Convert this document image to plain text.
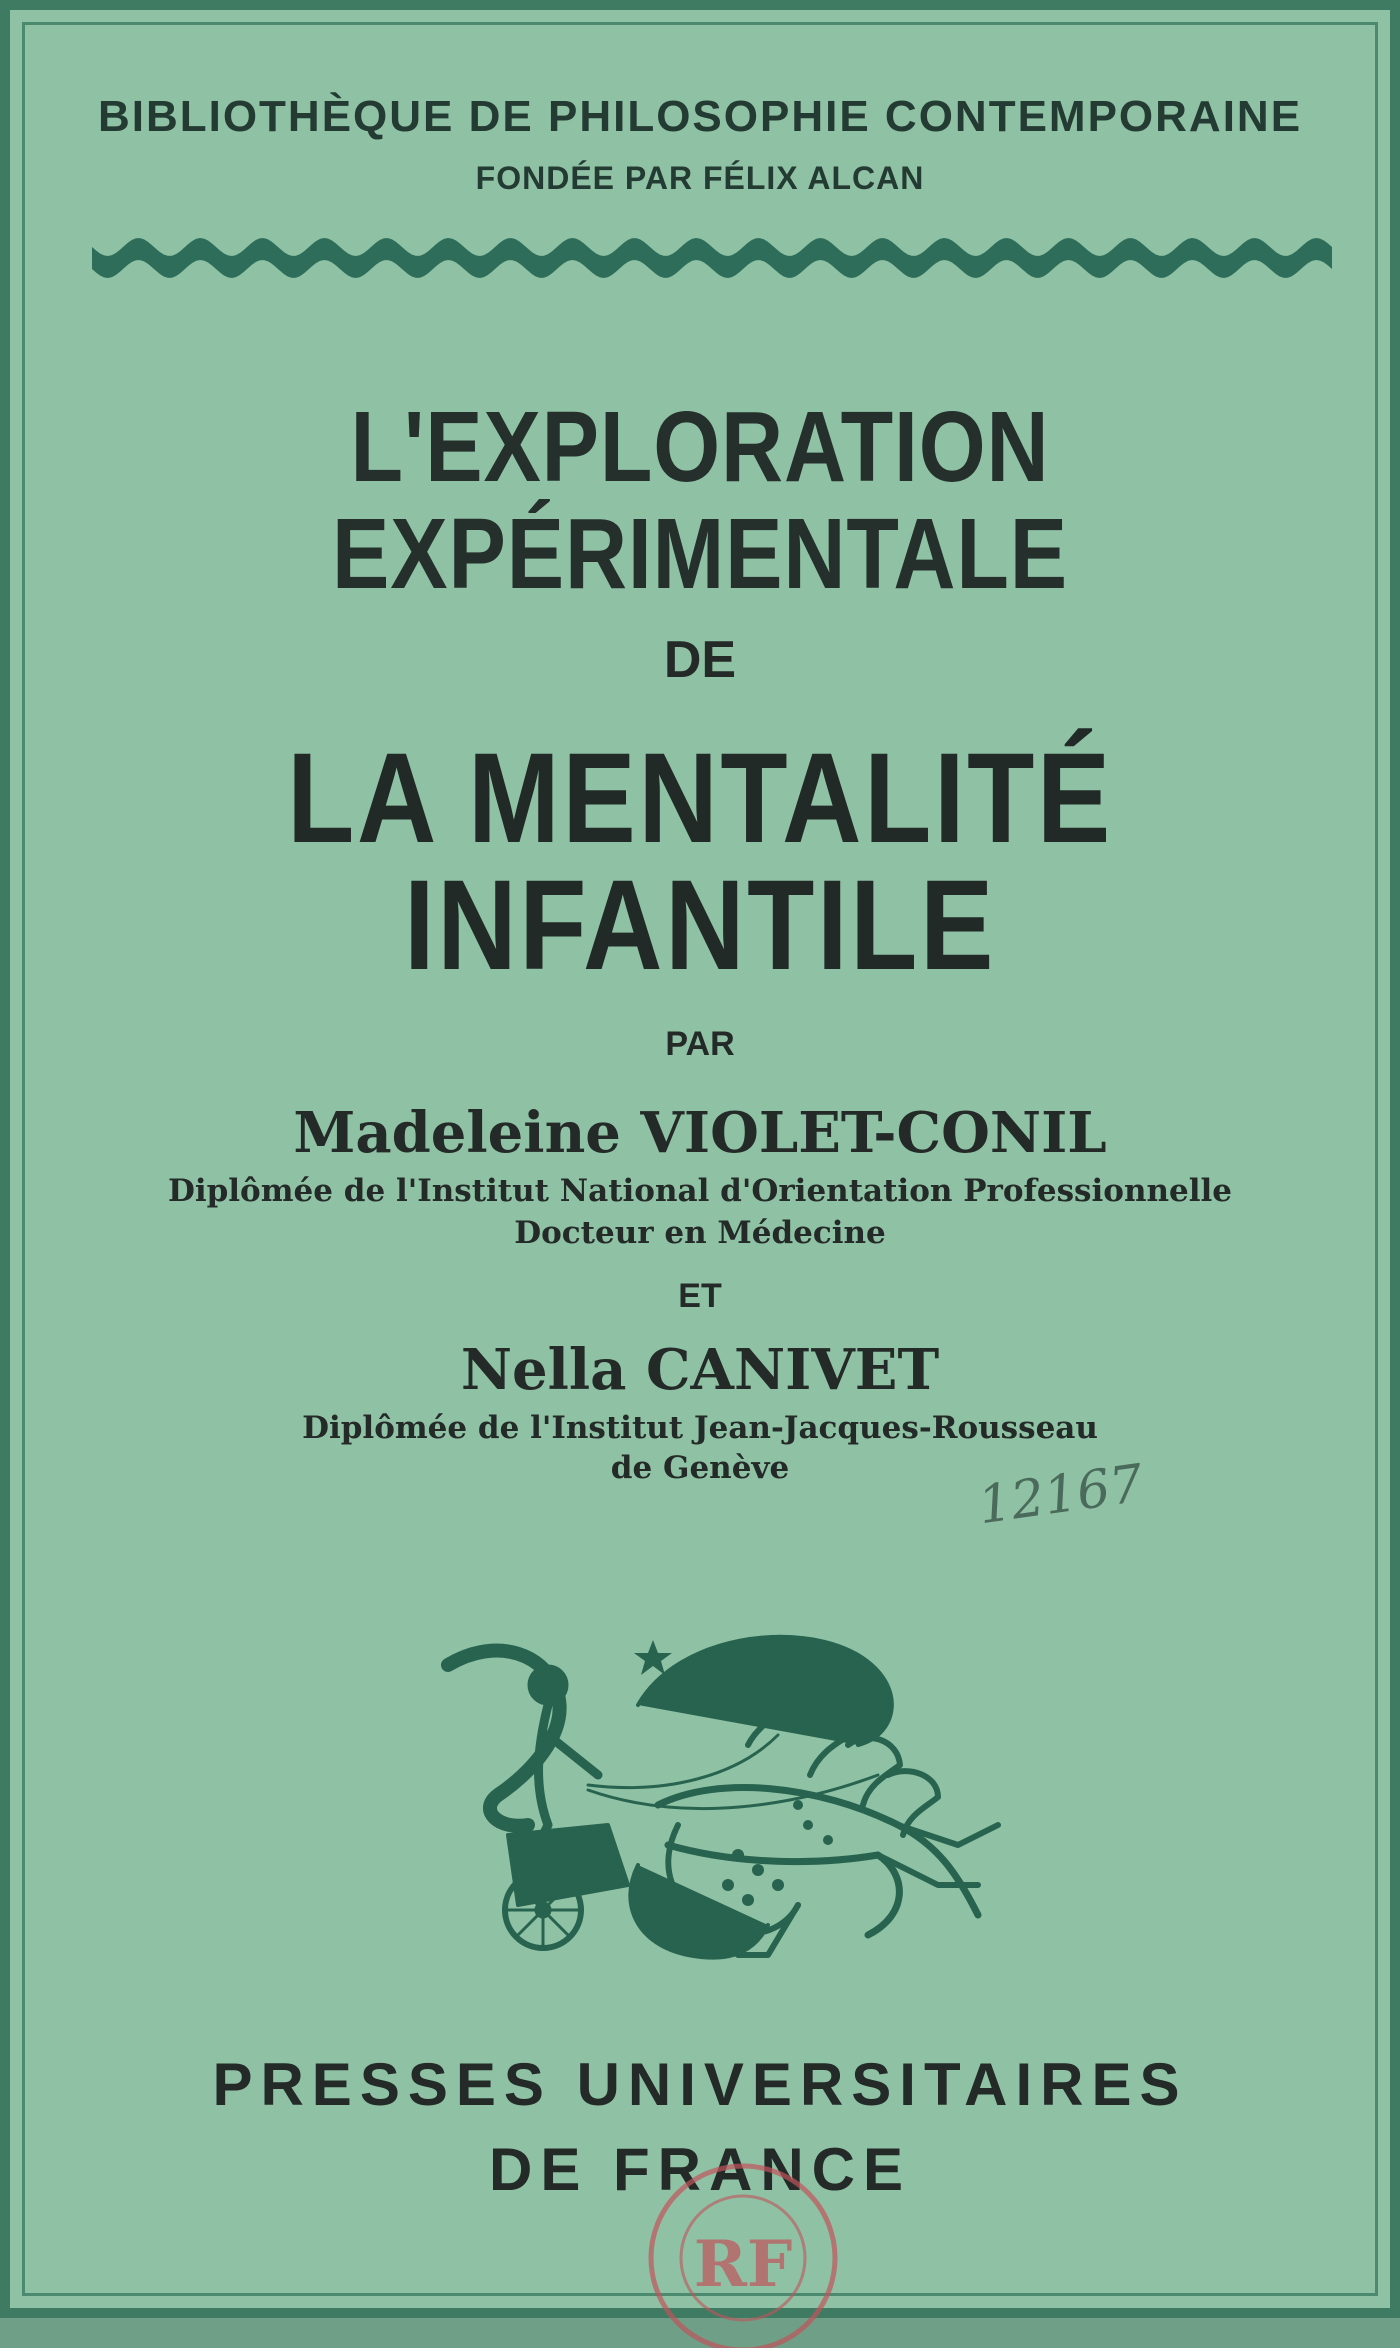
BIBLIOTHÈQUE DE PHILOSOPHIE CONTEMPORAINE
FONDÉE PAR FÉLIX ALCAN
L'EXPLORATION
EXPÉRIMENTALE
DE
LA MENTALITÉ
INFANTILE
PAR
Madeleine VIOLET-CONIL
Diplômée de l'Institut National d'Orientation Professionnelle
Docteur en Médecine
ET
Nella CANIVET
Diplômée de l'Institut Jean-Jacques-Rousseau
de Genève	12167
PRESSES UNIVERSITAIRES
DE FRANCE
RF
